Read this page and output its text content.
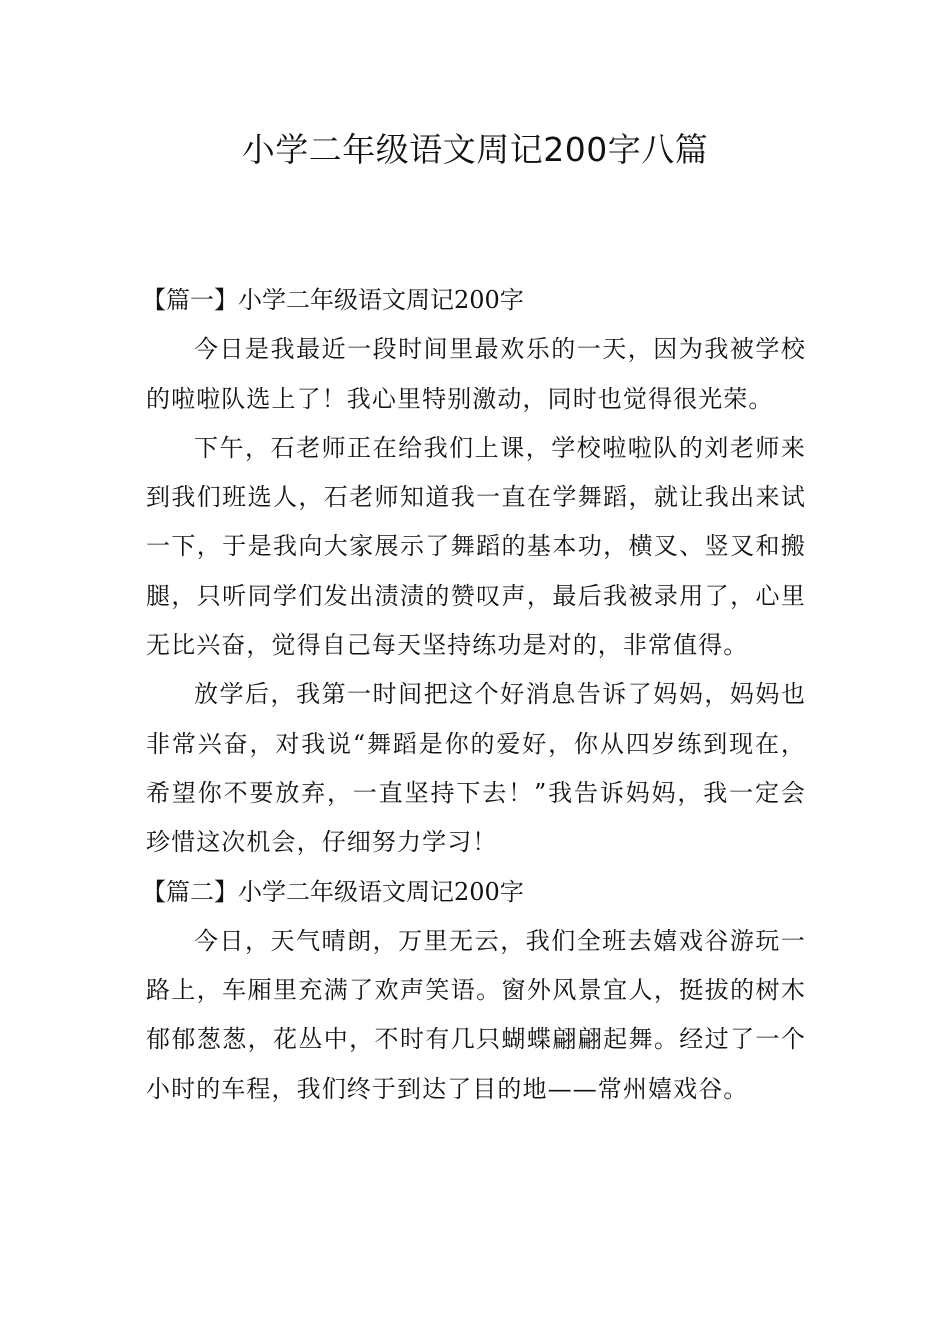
小学二年级语文周记200字八篇
【篇一】小学二年级语文周记200字

今日是我最近一段时间里最欢乐的一天，因为我被学校的啦啦队选上了！我心里特别激动，同时也觉得很光荣。

下午，石老师正在给我们上课，学校啦啦队的刘老师来到我们班选人，石老师知道我一直在学舞蹈，就让我出来试一下，于是我向大家展示了舞蹈的基本功，横叉、竖叉和搬腿，只听同学们发出渍渍的赞叹声，最后我被录用了，心里无比兴奋，觉得自己每天坚持练功是对的，非常值得。

放学后，我第一时间把这个好消息告诉了妈妈，妈妈也非常兴奋，对我说“舞蹈是你的爱好，你从四岁练到现在，希望你不要放弃，一直坚持下去！”我告诉妈妈，我一定会珍惜这次机会，仔细努力学习！

【篇二】小学二年级语文周记200字

今日，天气晴朗，万里无云，我们全班去嬉戏谷游玩一路上，车厢里充满了欢声笑语。窗外风景宜人，挺拔的树木郁郁葱葱，花丛中，不时有几只蝴蝶翩翩起舞。经过了一个小时的车程，我们终于到达了目的地——常州嬉戏谷。
